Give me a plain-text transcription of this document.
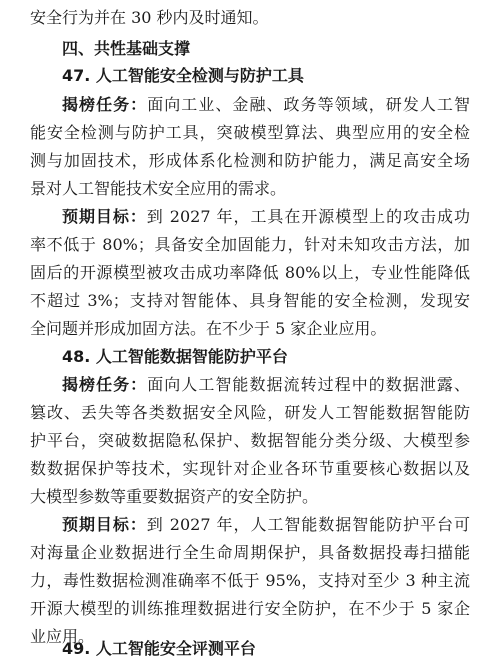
安全行为并在 30 秒内及时通知。
四、共性基础支撑
47. 人工智能安全检测与防护工具
揭榜任务：面向工业、金融、政务等领域，研发人工智
能安全检测与防护工具，突破模型算法、典型应用的安全检
测与加固技术，形成体系化检测和防护能力，满足高安全场
景对人工智能技术安全应用的需求。
预期目标：到 2027 年，工具在开源模型上的攻击成功
率不低于 80%；具备安全加固能力，针对未知攻击方法，加
固后的开源模型被攻击成功率降低 80%以上，专业性能降低
不超过 3%；支持对智能体、具身智能的安全检测，发现安
全问题并形成加固方法。在不少于 5 家企业应用。
48. 人工智能数据智能防护平台
揭榜任务：面向人工智能数据流转过程中的数据泄露、
篡改、丢失等各类数据安全风险，研发人工智能数据智能防
护平台，突破数据隐私保护、数据智能分类分级、大模型参
数数据保护等技术，实现针对企业各环节重要核心数据以及
大模型参数等重要数据资产的安全防护。
预期目标：到 2027 年，人工智能数据智能防护平台可
对海量企业数据进行全生命周期保护，具备数据投毒扫描能
力，毒性数据检测准确率不低于 95%，支持对至少 3 种主流
开源大模型的训练推理数据进行安全防护，在不少于 5 家企
业应用。
49. 人工智能安全评测平台
